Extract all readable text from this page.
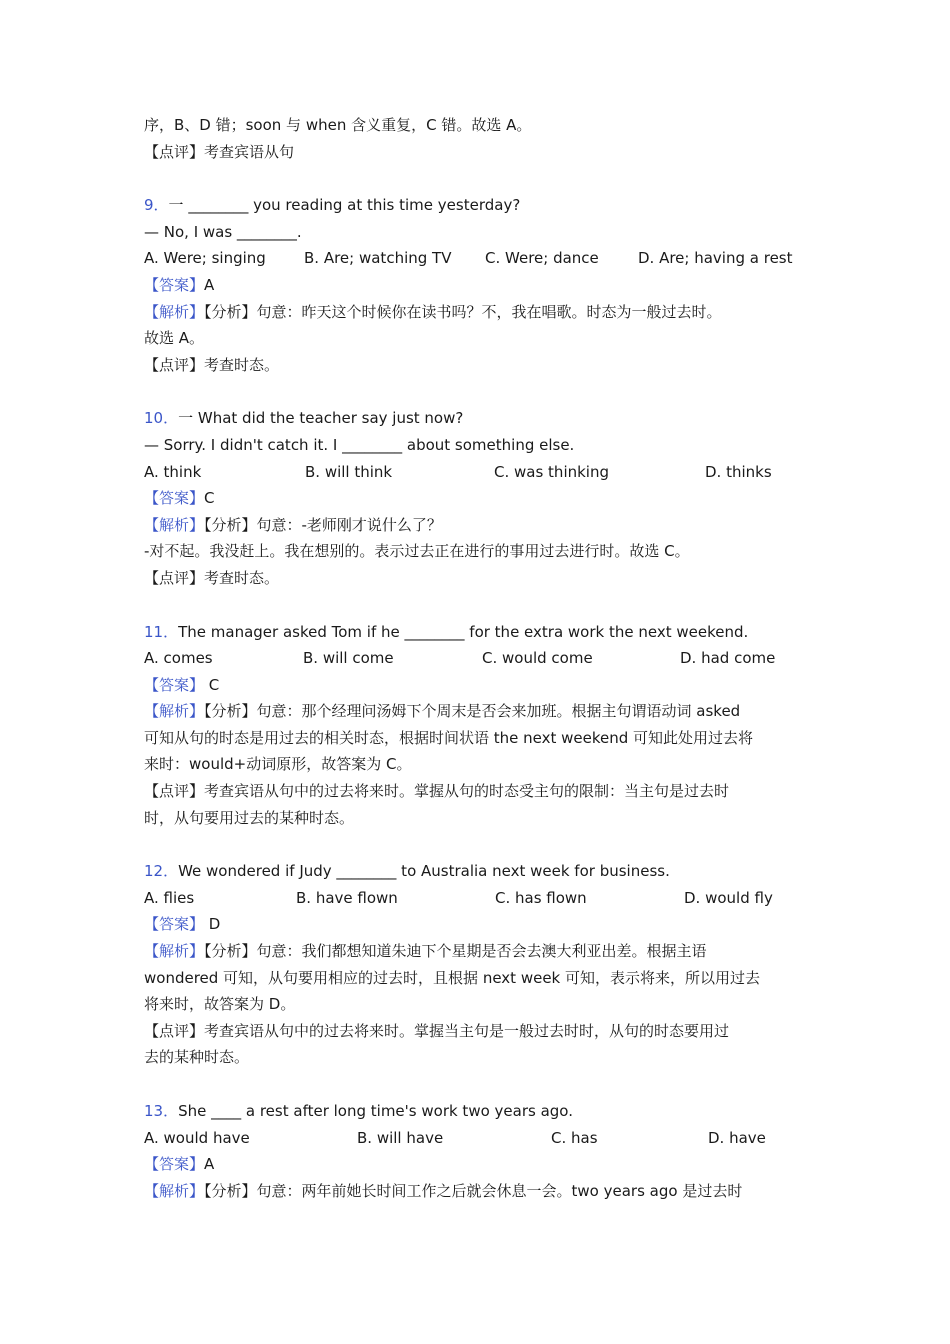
序，B、D 错；soon 与 when 含义重复，C 错。故选 A。
【点评】考查宾语从句
9．一 ________ you reading at this time yesterday?
— No, I was ________.
A. Were; singing	B. Are; watching TV	C. Were; dance	D. Are; having a rest
【答案】A
【解析】【分析】句意：昨天这个时候你在读书吗？不，我在唱歌。时态为一般过去时。
故选 A。
【点评】考查时态。
10．一 What did the teacher say just now?
— Sorry. I didn't catch it. I ________ about something else.
A. think	B. will think	C. was thinking	D. thinks
【答案】C
【解析】【分析】句意：-老师刚才说什么了？
-对不起。我没赶上。我在想别的。表示过去正在进行的事用过去进行时。故选 C。
【点评】考查时态。
11．The manager asked Tom if he ________ for the extra work the next weekend.
A. comes	B. will come	C. would come	D. had come
【答案】 C
【解析】【分析】句意：那个经理问汤姆下个周末是否会来加班。根据主句谓语动词 asked
可知从句的时态是用过去的相关时态，根据时间状语 the next weekend 可知此处用过去将
来时：would+动词原形，故答案为 C。
【点评】考查宾语从句中的过去将来时。掌握从句的时态受主句的限制：当主句是过去时
时，从句要用过去的某种时态。
12．We wondered if Judy ________ to Australia next week for business.
A. flies	B. have flown	C. has flown	D. would fly
【答案】 D
【解析】【分析】句意：我们都想知道朱迪下个星期是否会去澳大利亚出差。根据主语
wondered 可知，从句要用相应的过去时，且根据 next week 可知，表示将来，所以用过去
将来时，故答案为 D。
【点评】考查宾语从句中的过去将来时。掌握当主句是一般过去时时，从句的时态要用过
去的某种时态。
13．She ____ a rest after long time's work two years ago.
A. would have	B. will have	C. has	D. have
【答案】A
【解析】【分析】句意：两年前她长时间工作之后就会休息一会。two years ago 是过去时
